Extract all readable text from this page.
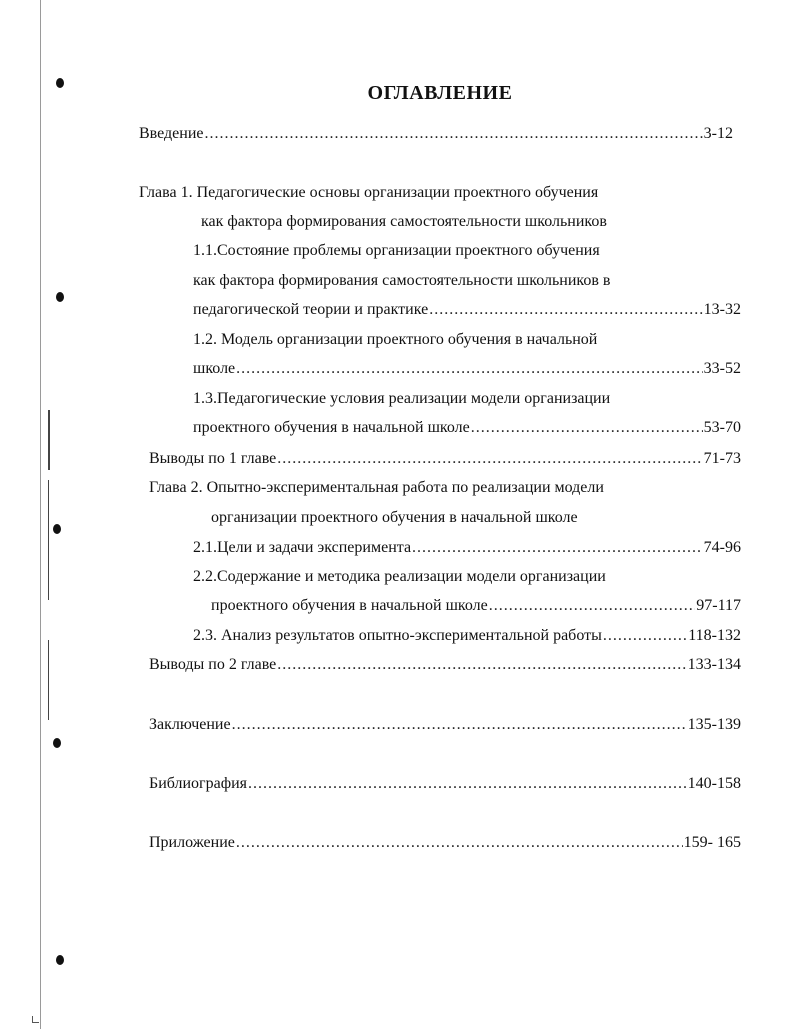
ОГЛАВЛЕНИЕ
Введение .....	3-12
Глава 1. Педагогические основы организации проектного обучения
как фактора формирования самостоятельности школьников
1.1.Состояние проблемы организации проектного обучения
как фактора формирования самостоятельности школьников в
педагогической теории и практике .....	13-32
1.2. Модель организации проектного обучения в начальной
школе .....	33-52
1.3.Педагогические условия реализации модели организации
проектного обучения в начальной школе .....	53-70
Выводы по 1 главе .....	71-73
Глава 2. Опытно-экспериментальная работа по реализации модели
организации проектного обучения в начальной школе
2.1.Цели и задачи эксперимента .....	74-96
2.2.Содержание и методика реализации модели организации
проектного обучения в начальной школе .....	97-117
2.3. Анализ результатов опытно-экспериментальной работы .....	118-132
Выводы по 2 главе .....	133-134
Заключение .....	135-139
Библиография .....	140-158
Приложение .....	159- 165
